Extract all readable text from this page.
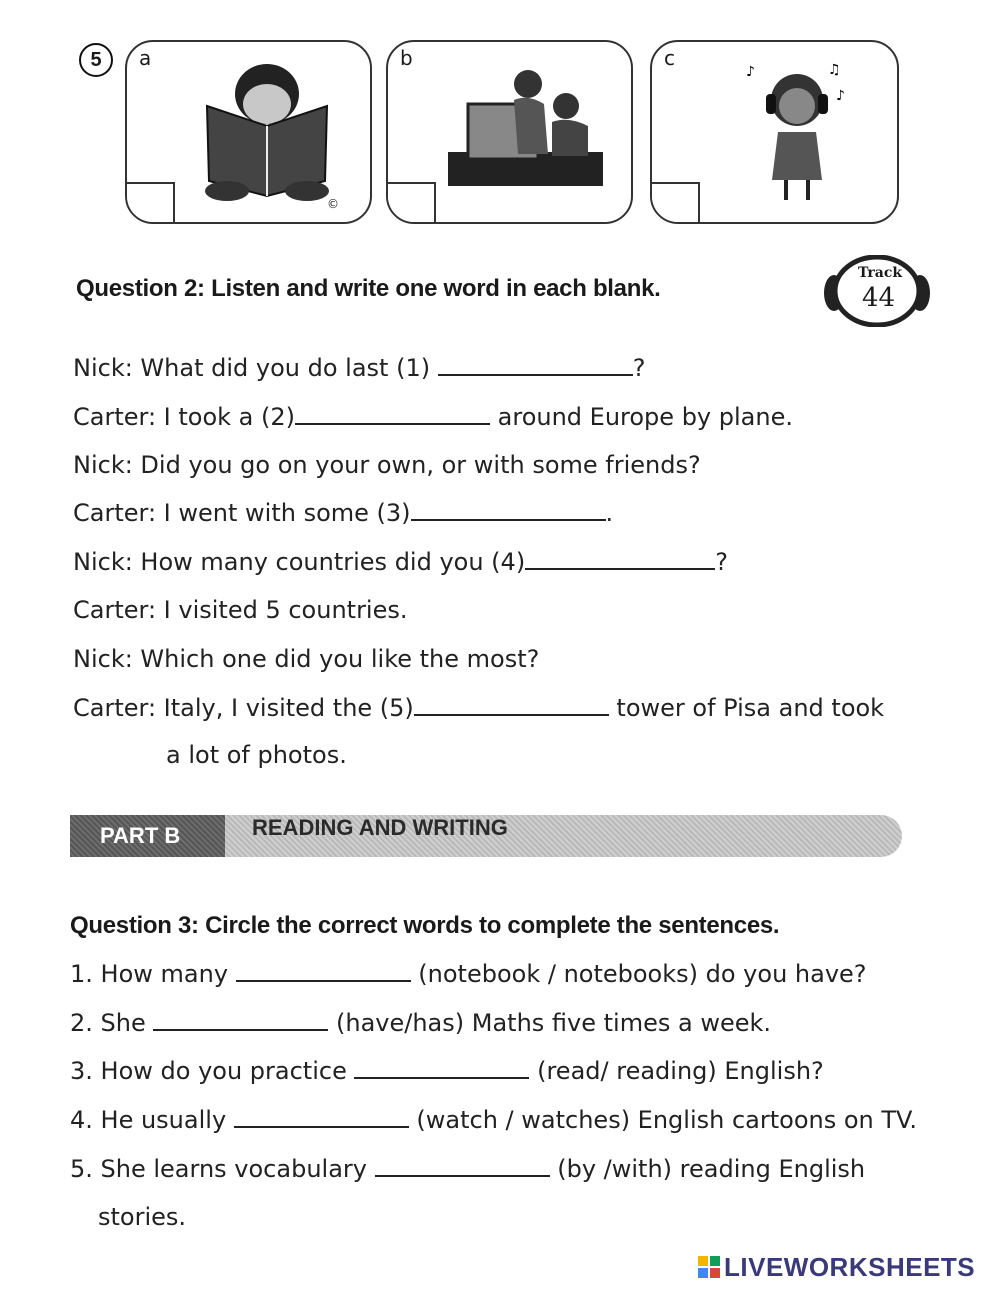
5	a
©
b	c
♪	♫
♪
Question 2: Listen and write one word in each blank.
Track
44
Nick: What did you do last (1)	?
Carter: I took a (2)	around Europe by plane.
Nick: Did you go on your own, or with some friends?
Carter: I went with some (3)	.
Nick: How many countries did you (4)	?
Carter: I visited 5 countries.
Nick: Which one did you like the most?
Carter: Italy, I visited the (5)	tower of Pisa and took
a lot of photos.
PART B	READING AND WRITING
Question 3: Circle the correct words to complete the sentences.
1. How many	(notebook / notebooks) do you have?
2. She	(have/has) Maths five times a week.
3. How do you practice	(read/ reading) English?
4. He usually	(watch / watches) English cartoons on TV.
5. She learns vocabulary	(by /with) reading English
stories.
LIVEWORKSHEETS
